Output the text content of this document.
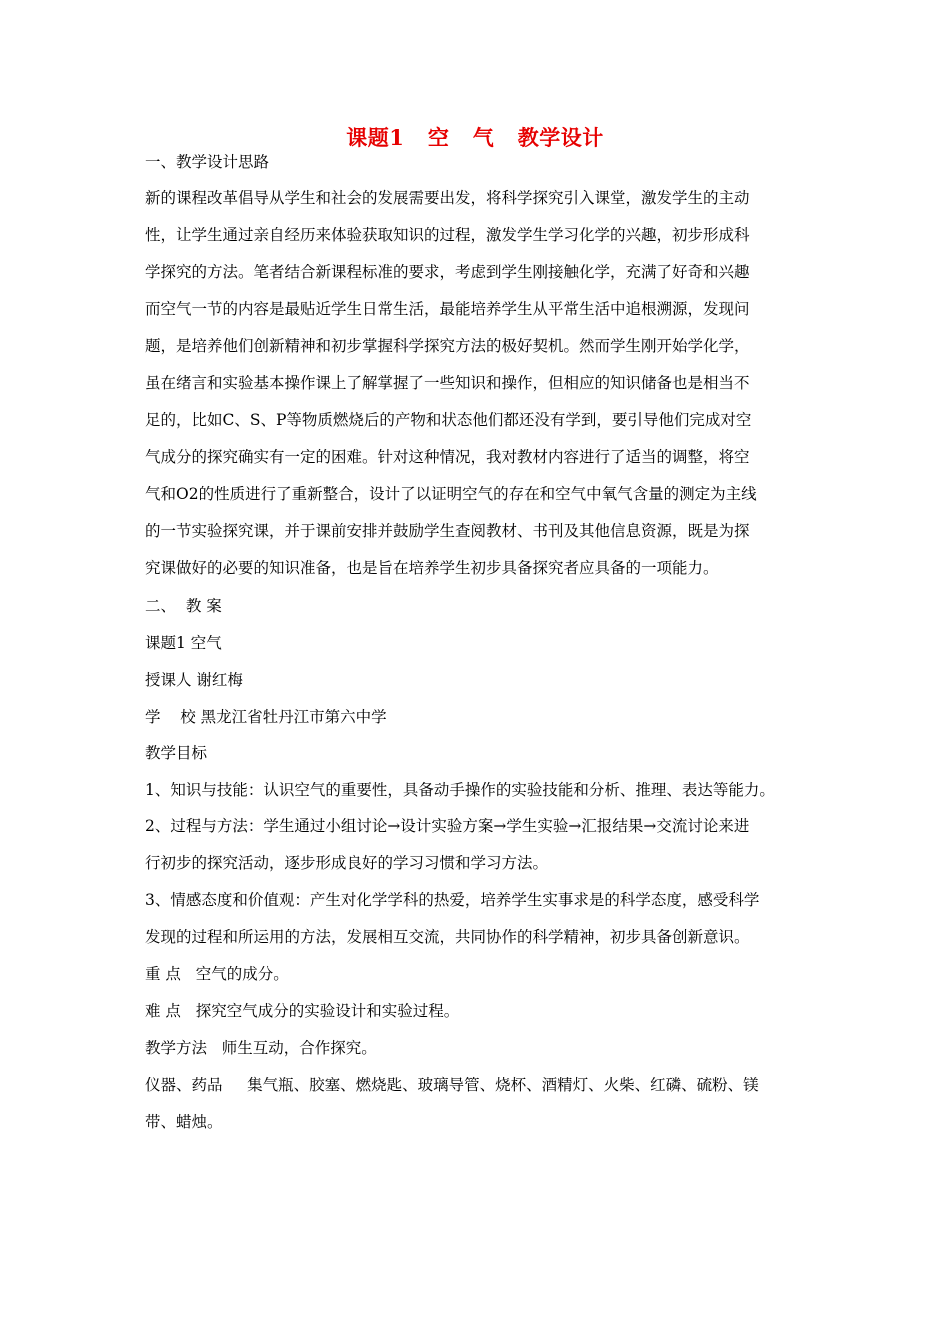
课题1   空   气   教学设计
一、教学设计思路
新的课程改革倡导从学生和社会的发展需要出发，将科学探究引入课堂，激发学生的主动
性，让学生通过亲自经历来体验获取知识的过程，激发学生学习化学的兴趣，初步形成科
学探究的方法。笔者结合新课程标准的要求，考虑到学生刚接触化学，充满了好奇和兴趣
而空气一节的内容是最贴近学生日常生活，最能培养学生从平常生活中追根溯源，发现问
题，是培养他们创新精神和初步掌握科学探究方法的极好契机。然而学生刚开始学化学，
虽在绪言和实验基本操作课上了解掌握了一些知识和操作，但相应的知识储备也是相当不
足的，比如C、S、P等物质燃烧后的产物和状态他们都还没有学到，要引导他们完成对空
气成分的探究确实有一定的困难。针对这种情况，我对教材内容进行了适当的调整，将空
气和O2的性质进行了重新整合，设计了以证明空气的存在和空气中氧气含量的测定为主线
的一节实验探究课，并于课前安排并鼓励学生查阅教材、书刊及其他信息资源，既是为探
究课做好的必要的知识准备，也是旨在培养学生初步具备探究者应具备的一项能力。
二、  教 案
课题1 空气
授课人 谢红梅
学    校 黑龙江省牡丹江市第六中学
教学目标
1、知识与技能：认识空气的重要性，具备动手操作的实验技能和分析、推理、表达等能力。
2、过程与方法：学生通过小组讨论→设计实验方案→学生实验→汇报结果→交流讨论来进
行初步的探究活动，逐步形成良好的学习习惯和学习方法。
3、情感态度和价值观：产生对化学学科的热爱，培养学生实事求是的科学态度，感受科学
发现的过程和所运用的方法，发展相互交流，共同协作的科学精神，初步具备创新意识。
重 点   空气的成分。
难 点   探究空气成分的实验设计和实验过程。
教学方法   师生互动，合作探究。
仪器、药品     集气瓶、胶塞、燃烧匙、玻璃导管、烧杯、酒精灯、火柴、红磷、硫粉、镁
带、蜡烛。
